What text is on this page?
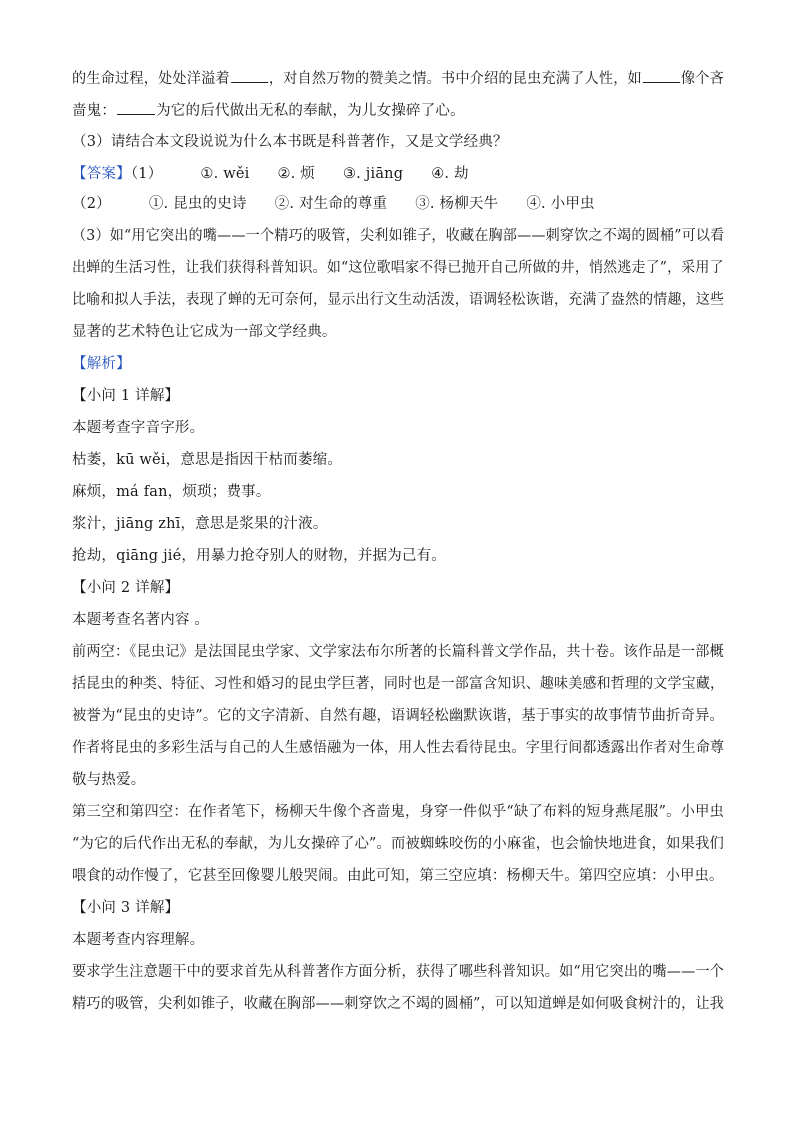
的生命过程，处处洋溢着	，对自然万物的赞美之情。书中介绍的昆虫充满了人性，如	像个吝
啬鬼：	为它的后代做出无私的奉献，为儿女操碎了心。
（3）请结合本文段说说为什么本书既是科普著作，又是文学经典？
【答案】（1）	①. wěi ②. 烦 ③. jiāng ④. 劫
（2）	①. 昆虫的史诗 ②. 对生命的尊重 ③. 杨柳天牛 ④. 小甲虫
（3）如“用它突出的嘴——一个精巧的吸管，尖利如锥子，收藏在胸部——刺穿饮之不竭的圆桶”可以看
出蝉的生活习性，让我们获得科普知识。如“这位歌唱家不得已抛开自己所做的井，悄然逃走了”，采用了
比喻和拟人手法，表现了蝉的无可奈何，显示出行文生动活泼，语调轻松诙谐，充满了盎然的情趣，这些
显著的艺术特色让它成为一部文学经典。
【解析】
【小问 1 详解】
本题考查字音字形。
枯萎，kū wěi，意思是指因干枯而萎缩。
麻烦，má fan，烦琐；费事。
浆汁，jiāng zhī，意思是浆果的汁液。
抢劫，qiāng jié，用暴力抢夺别人的财物，并据为己有。
【小问 2 详解】
本题考查名著内容 。
前两空：《昆虫记》是法国昆虫学家、文学家法布尔所著的长篇科普文学作品，共十卷。该作品是一部概
括昆虫的种类、特征、习性和婚习的昆虫学巨著，同时也是一部富含知识、趣味美感和哲理的文学宝藏，
被誉为“昆虫的史诗”。它的文字清新、自然有趣，语调轻松幽默诙谐，基于事实的故事情节曲折奇异。
作者将昆虫的多彩生活与自己的人生感悟融为一体，用人性去看待昆虫。字里行间都透露出作者对生命尊
敬与热爱。
第三空和第四空：在作者笔下，杨柳天牛像个吝啬鬼，身穿一件似乎“缺了布料的短身燕尾服”。小甲虫
“为它的后代作出无私的奉献，为儿女操碎了心”。而被蜘蛛咬伤的小麻雀，也会愉快地进食，如果我们
喂食的动作慢了，它甚至回像婴儿般哭闹。由此可知，第三空应填：杨柳天牛。第四空应填：小甲虫。
【小问 3 详解】
本题考查内容理解。
要求学生注意题干中的要求首先从科普著作方面分析，获得了哪些科普知识。如“用它突出的嘴——一个
精巧的吸管，尖利如锥子，收藏在胸部——刺穿饮之不竭的圆桶”，可以知道蝉是如何吸食树汁的，让我
